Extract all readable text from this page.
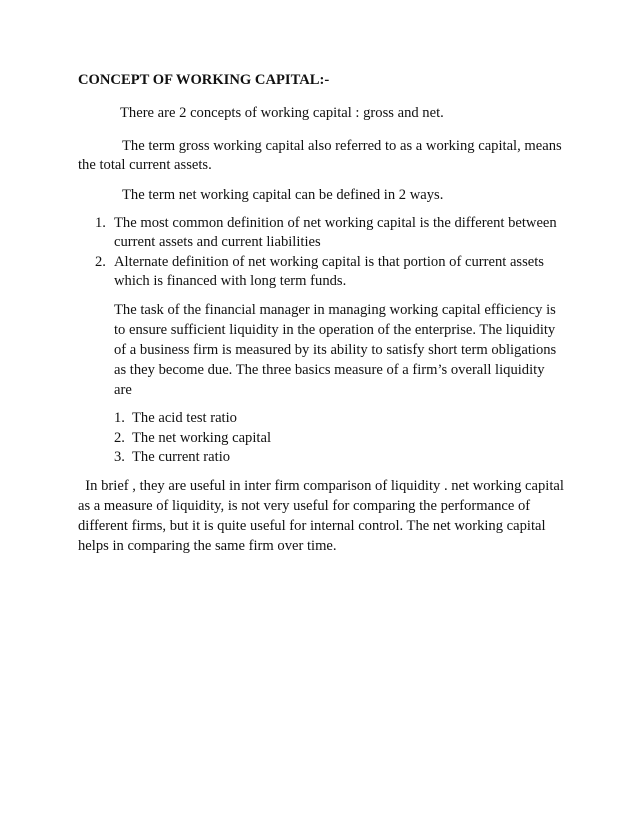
CONCEPT OF WORKING CAPITAL:-
There are 2 concepts of working capital : gross and net.
The term gross working capital also referred to as a working capital, means
the total current assets.
The term net working capital can be defined in 2 ways.
1. The most common definition of net working capital is the different between
current assets and current liabilities
2. Alternate definition of net working capital is that portion of current assets
which is financed with long term funds.
The task of the financial manager in managing working capital efficiency is
to ensure sufficient liquidity in the operation of the enterprise. The liquidity
of a business firm is measured by its ability to satisfy short term obligations
as they become due. The three basics measure of a firm’s overall liquidity
are
1. The acid test ratio
2. The net working capital
3. The current ratio
In brief , they are useful in inter firm comparison of liquidity . net working capital
as a measure of liquidity, is not very useful for comparing the performance of
different firms, but it is quite useful for internal control. The net working capital
helps in comparing the same firm over time.
